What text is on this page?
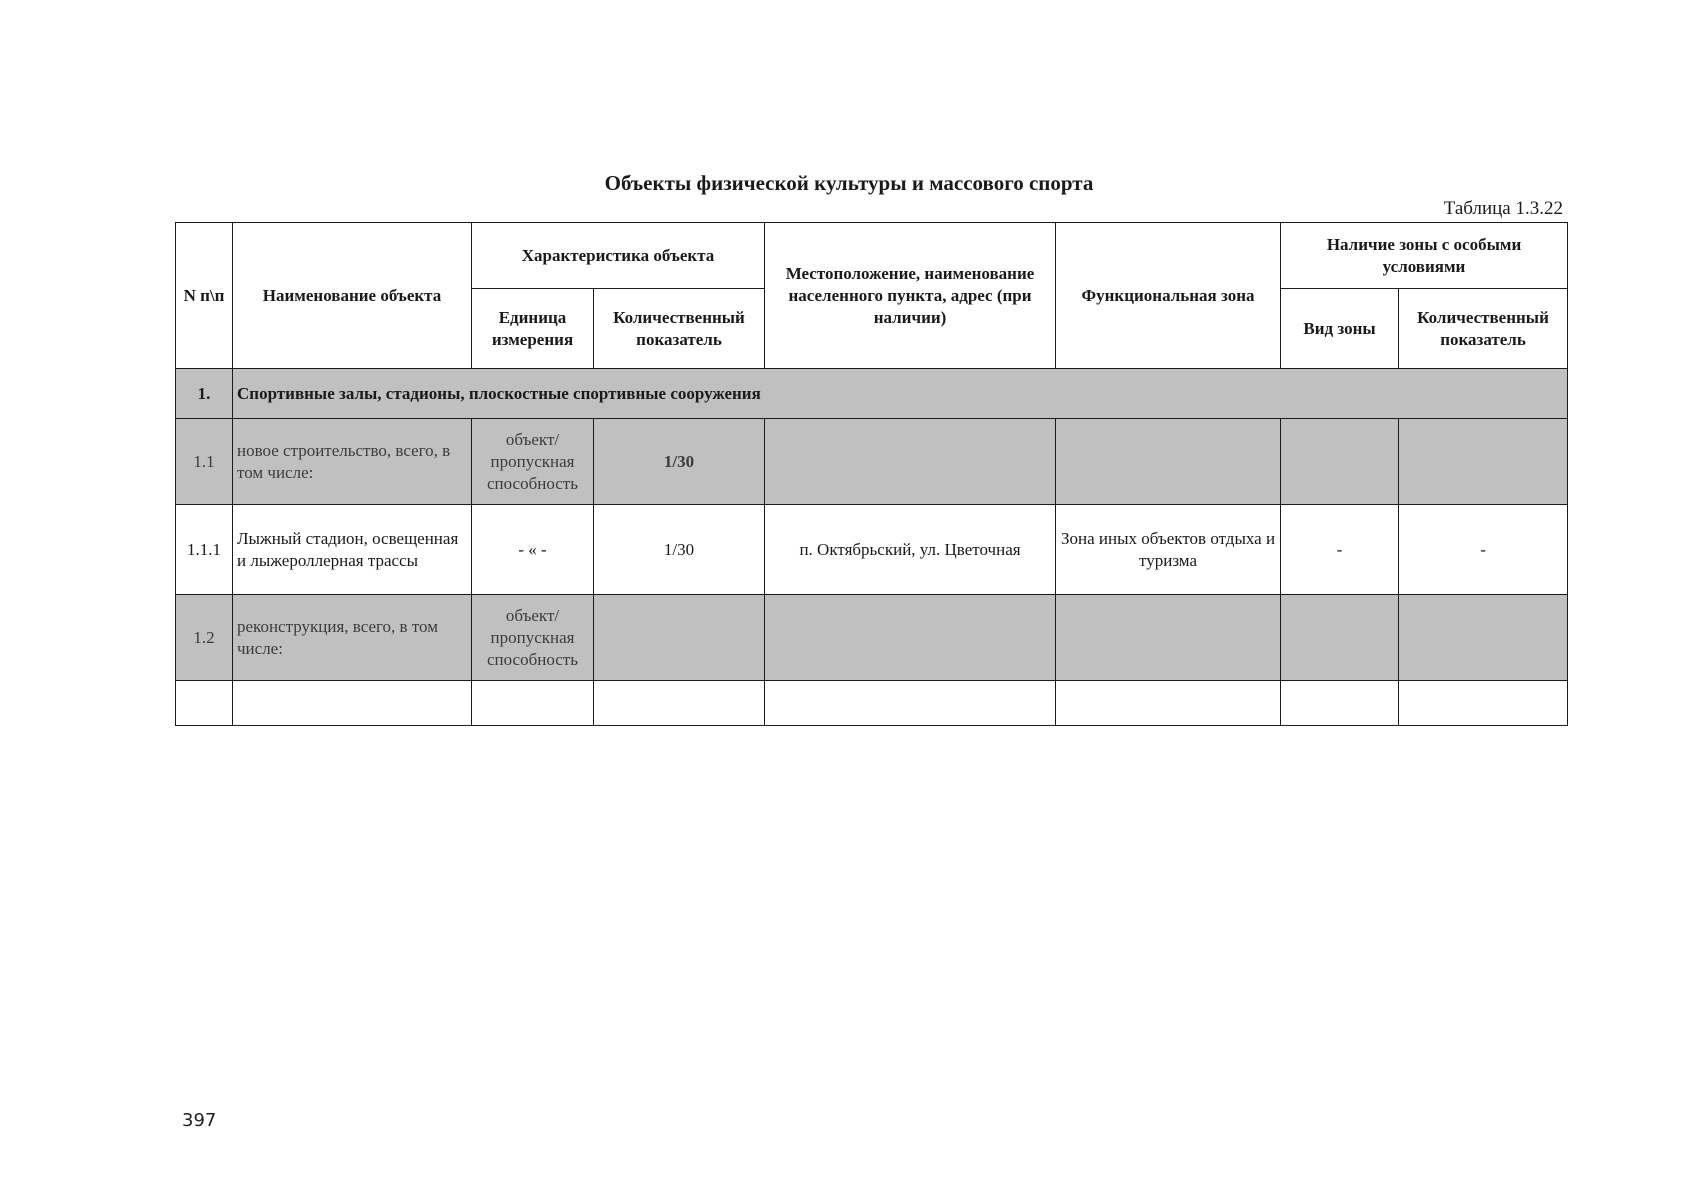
Объекты физической культуры и массового спорта
Таблица 1.3.22
N п\п	Наименование объекта	Характеристика объекта		Местоположение, наименование населенного пункта, адрес (при наличии)	Функциональная зона	Наличие зоны с особыми условиями	
		Единица измерения	Количественный показатель			Вид зоны	Количественный показатель
1.	Спортивные залы, стадионы, плоскостные спортивные сооружения						
1.1	новое строительство, всего, в том числе:	объект/ пропускная способность	1/30				
1.1.1	Лыжный стадион, освещенная и лыжероллерная трассы	- « -	1/30	п. Октябрьский, ул. Цветочная	Зона иных объектов отдыха и туризма	-	-
1.2	реконструкция, всего, в том числе:	объект/ пропускная способность					

397
